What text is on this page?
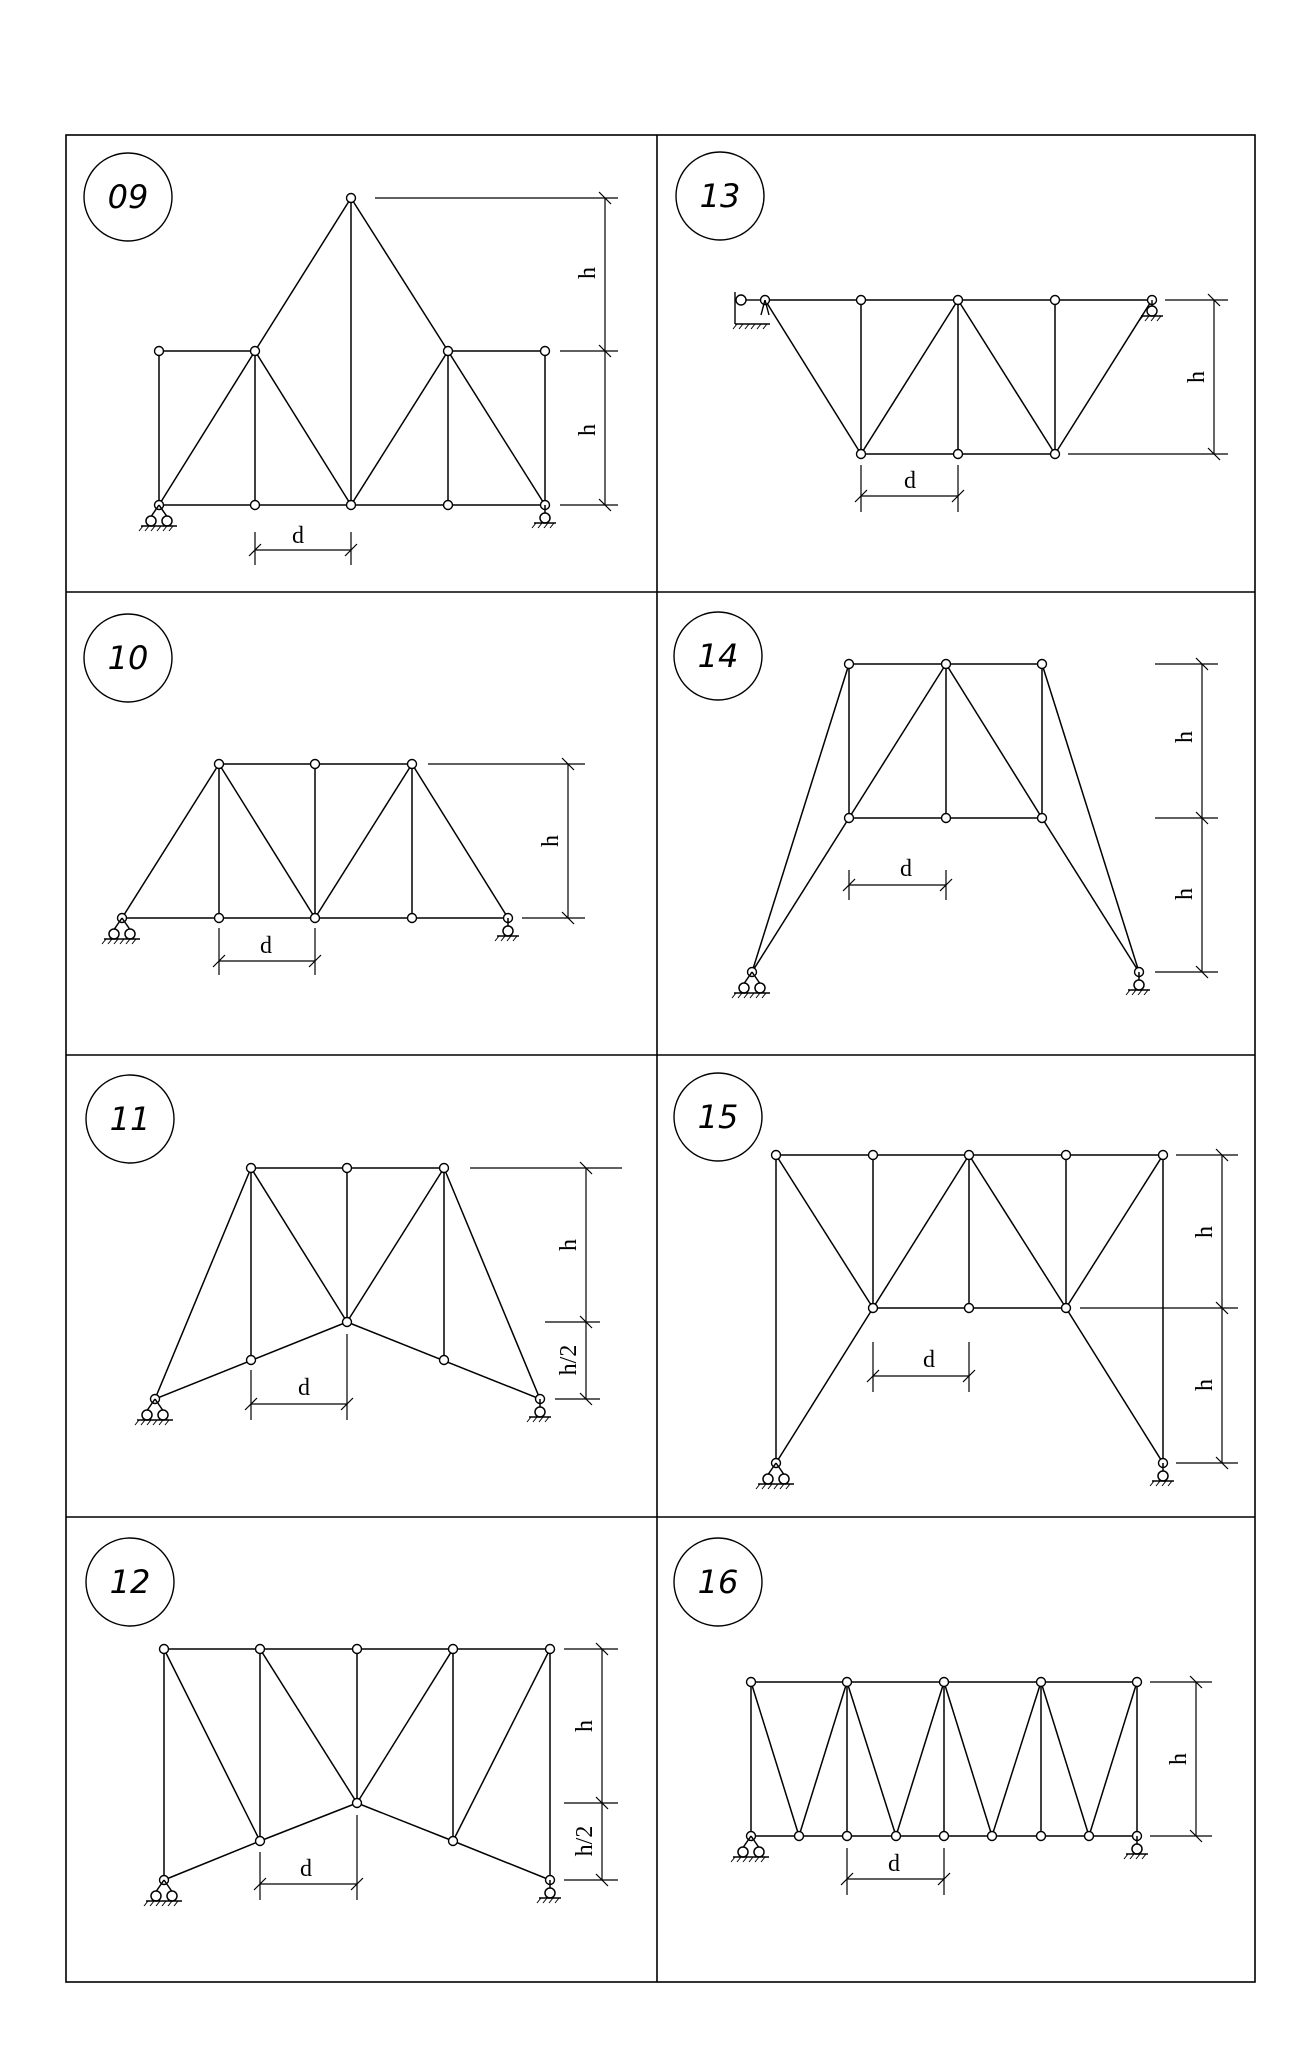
09
h
h
d
13
h
d
10
h
d
14
h
h
d
11
h
h/2
d
15
h
h
d
12
h
h/2
d
16
h
d
